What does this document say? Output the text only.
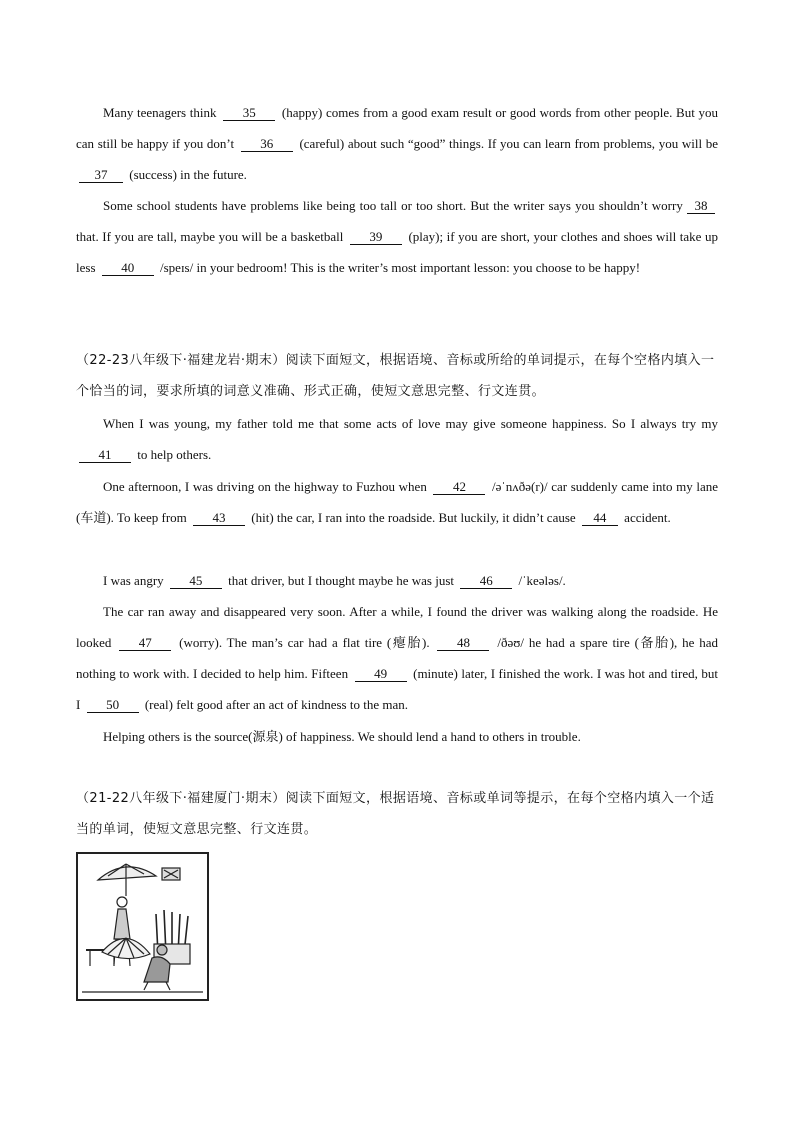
Many teenagers think 35 (happy) comes from a good exam result or good words from other people. But you can still be happy if you don’t 36 (careful) about such “good” things. If you can learn from problems, you will be 37 (success) in the future.
Some school students have problems like being too tall or too short. But the writer says you shouldn’t worry 38 that. If you are tall, maybe you will be a basketball 39 (play); if you are short, your clothes and shoes will take up less 40 /speɪs/ in your bedroom! This is the writer’s most important lesson: you choose to be happy!
（22-23八年级下·福建龙岩·期末）阅读下面短文，根据语境、音标或所给的单词提示，在每个空格内填入一个恰当的词，要求所填的词意义准确、形式正确，使短文意思完整、行文连贯。
When I was young, my father told me that some acts of love may give someone happiness. So I always try my 41 to help others.
One afternoon, I was driving on the highway to Fuzhou when 42 /əˈnʌðə(r)/ car suddenly came into my lane (车道). To keep from 43 (hit) the car, I ran into the roadside. But luckily, it didn’t cause 44 accident.
I was angry 45 that driver, but I thought maybe he was just 46 /ˈkeələs/.
The car ran away and disappeared very soon. After a while, I found the driver was walking along the roadside. He looked 47 (worry). The man’s car had a flat tire (瘪胎). 48 /ðəʊ/ he had a spare tire (备胎), he had nothing to work with. I decided to help him. Fifteen 49 (minute) later, I finished the work. I was hot and tired, but I 50 (real) felt good after an act of kindness to the man.
Helping others is the source(源泉) of happiness. We should lend a hand to others in trouble.
（21-22八年级下·福建厦门·期末）阅读下面短文，根据语境、音标或单词等提示，在每个空格内填入一个适当的单词，使短文意思完整、行文连贯。
